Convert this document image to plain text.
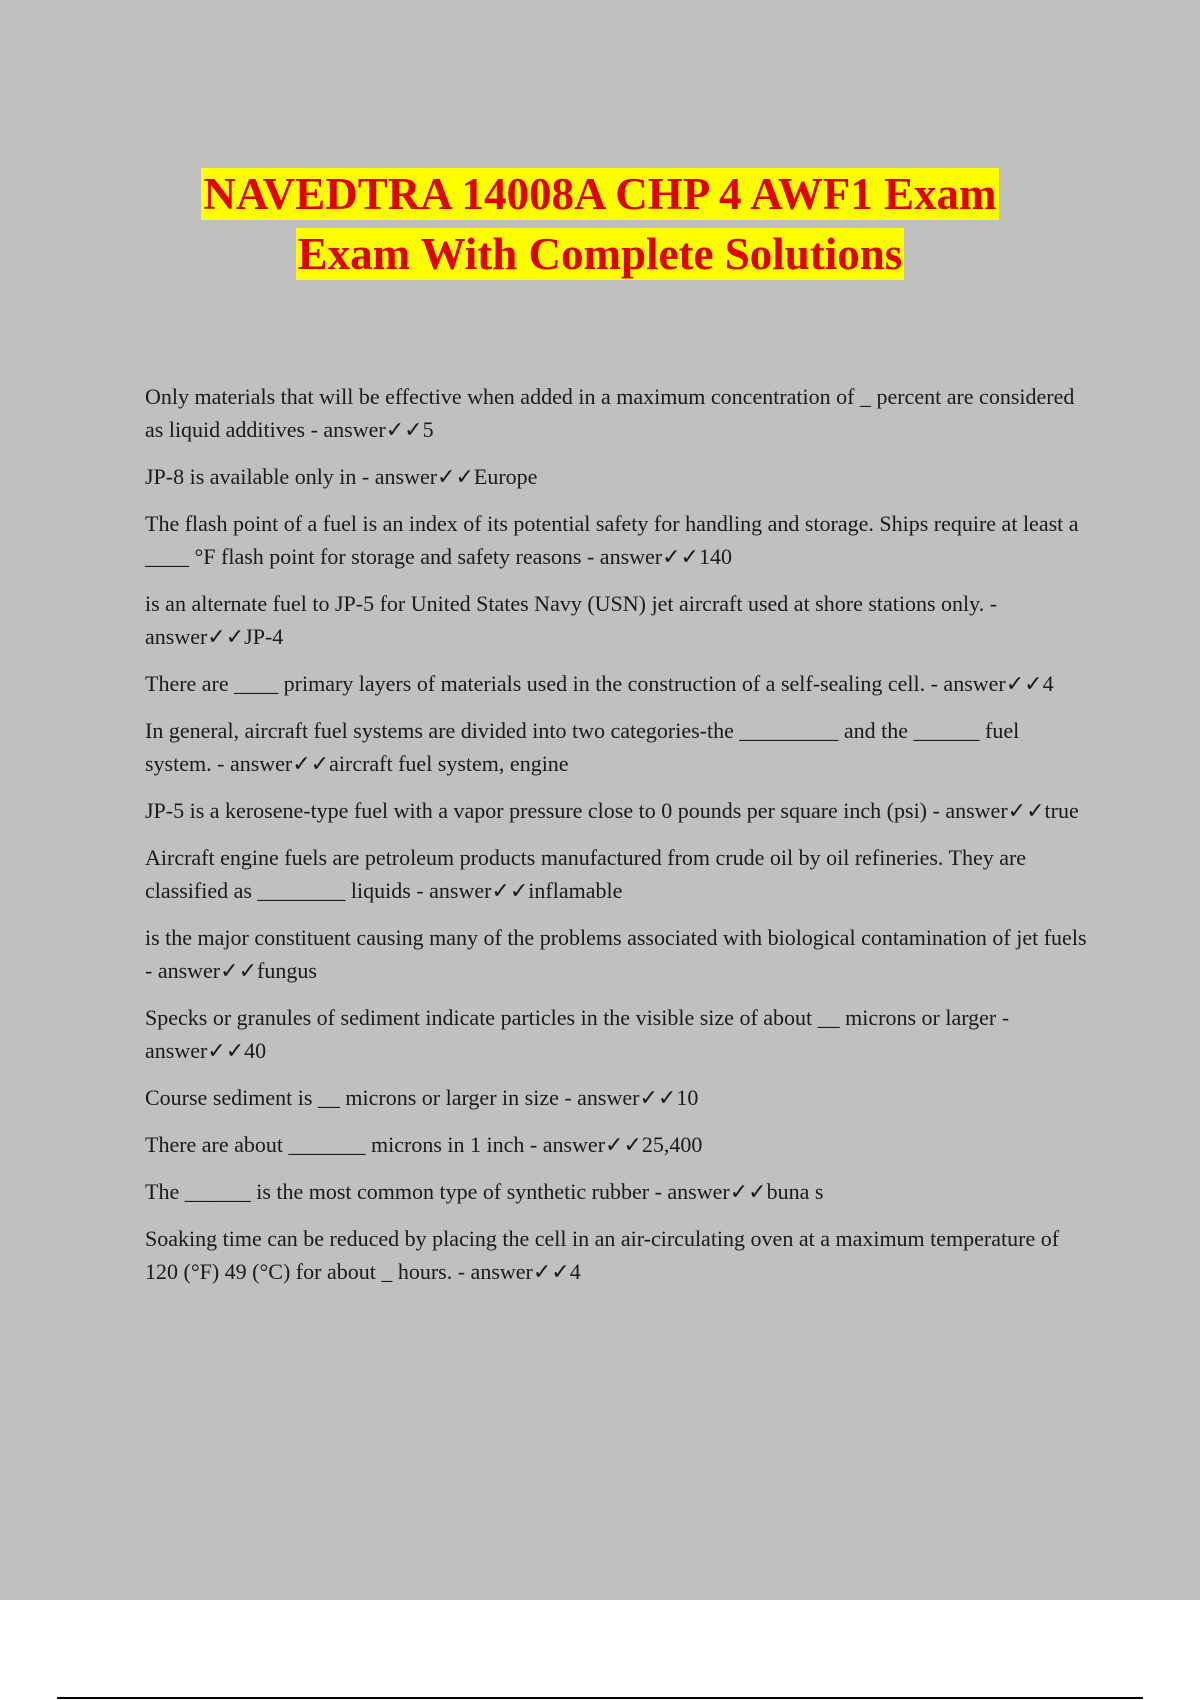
NAVEDTRA 14008A CHP 4 AWF1 Exam
Exam With Complete Solutions
Only materials that will be effective when added in a maximum concentration of _ percent are considered as liquid additives - answer✓✓5
JP-8 is available only in - answer✓✓Europe
The flash point of a fuel is an index of its potential safety for handling and storage. Ships require at least a ____ °F flash point for storage and safety reasons - answer✓✓140
is an alternate fuel to JP-5 for United States Navy (USN) jet aircraft used at shore stations only. - answer✓✓JP-4
There are ____ primary layers of materials used in the construction of a self-sealing cell. - answer✓✓4
In general, aircraft fuel systems are divided into two categories-the _________ and the ______ fuel system. - answer✓✓aircraft fuel system, engine
JP-5 is a kerosene-type fuel with a vapor pressure close to 0 pounds per square inch (psi) - answer✓✓true
Aircraft engine fuels are petroleum products manufactured from crude oil by oil refineries. They are classified as ________ liquids - answer✓✓inflamable
is the major constituent causing many of the problems associated with biological contamination of jet fuels - answer✓✓fungus
Specks or granules of sediment indicate particles in the visible size of about __ microns or larger - answer✓✓40
Course sediment is __ microns or larger in size - answer✓✓10
There are about _______ microns in 1 inch - answer✓✓25,400
The ______ is the most common type of synthetic rubber - answer✓✓buna s
Soaking time can be reduced by placing the cell in an air-circulating oven at a maximum temperature of 120 (°F) 49 (°C) for about _ hours. - answer✓✓4
